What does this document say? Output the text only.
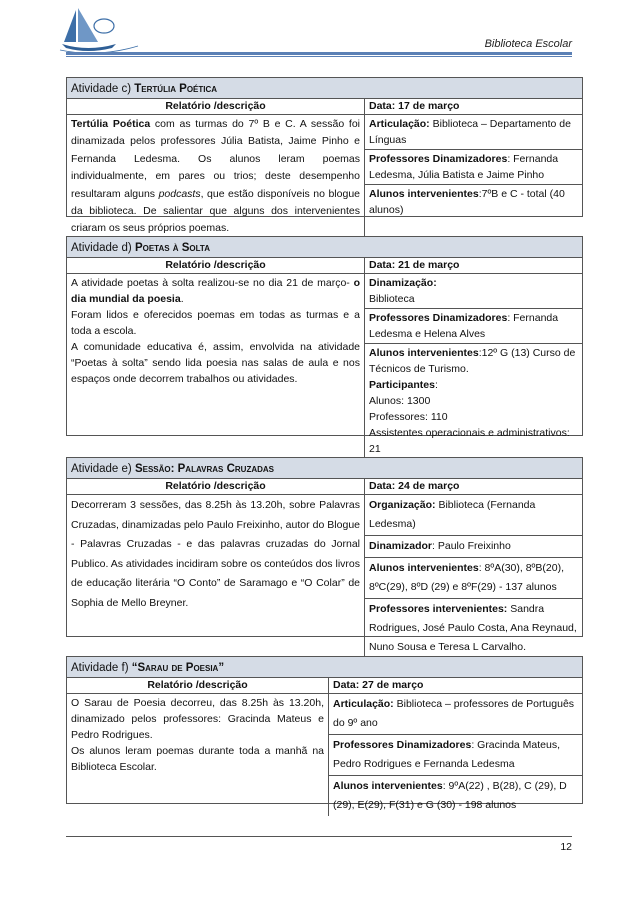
Biblioteca Escolar
Atividade c) Tertúlia Poética
Relatório /descrição

Tertúlia Poética com as turmas do 7º B e C. A sessão foi dinamizada pelos professores Júlia Batista, Jaime Pinho e Fernanda Ledesma. Os alunos leram poemas individualmente, em pares ou trios; deste desempenho resultaram alguns podcasts, que estão disponíveis no blogue da biblioteca. De salientar que alguns dos intervenientes criaram os seus próprios poemas.

Data: 17 de março
Articulação: Biblioteca – Departamento de Línguas
Professores Dinamizadores: Fernanda Ledesma, Júlia Batista e Jaime Pinho
Alunos intervenientes:7ºB e C - total (40 alunos)
Atividade d) Poetas à Solta
Relatório /descrição

A atividade poetas à solta realizou-se no dia 21 de março- o dia mundial da poesia.

Foram lidos e oferecidos poemas em todas as turmas e a toda a escola.

A comunidade educativa é, assim, envolvida na atividade “Poetas à solta” sendo lida poesia nas salas de aula e nos espaços onde decorrem trabalhos ou atividades.

Data: 21 de março
Dinamização:
Biblioteca
Professores Dinamizadores: Fernanda Ledesma e Helena Alves
Alunos intervenientes:12º G (13) Curso de Técnicos de Turismo.
Participantes:
Alunos: 1300
Professores: 110
Assistentes operacionais e administrativos: 21
Atividade e) Sessão: Palavras Cruzadas
Relatório /descrição

Decorreram 3 sessões, das 8.25h às 13.20h, sobre Palavras Cruzadas, dinamizadas pelo Paulo Freixinho, autor do Blogue - Palavras Cruzadas - e das palavras cruzadas do Jornal Publico. As atividades incidiram sobre os conteúdos dos livros de educação literária “O Conto” de Saramago e “O Colar” de Sophia de Mello Breyner.

Data: 24 de março
Organização: Biblioteca (Fernanda Ledesma)
Dinamizador: Paulo Freixinho
Alunos intervenientes: 8ºA(30), 8ºB(20), 8ºC(29), 8ºD (29) e 8ºF(29) - 137 alunos
Professores intervenientes: Sandra Rodrigues, José Paulo Costa, Ana Reynaud, Nuno Sousa e Teresa L Carvalho.
Atividade f) “Sarau de Poesia”
Relatório /descrição

O Sarau de Poesia decorreu, das 8.25h às 13.20h, dinamizado pelos professores: Gracinda Mateus e Pedro Rodrigues.

Os alunos leram poemas durante toda a manhã na Biblioteca Escolar.

Data: 27 de março
Articulação: Biblioteca – professores de Português do 9º ano
Professores Dinamizadores: Gracinda Mateus, Pedro Rodrigues e Fernanda Ledesma
Alunos intervenientes: 9ºA(22) , B(28), C (29), D (29), E(29), F(31) e G (30) - 198 alunos
12
